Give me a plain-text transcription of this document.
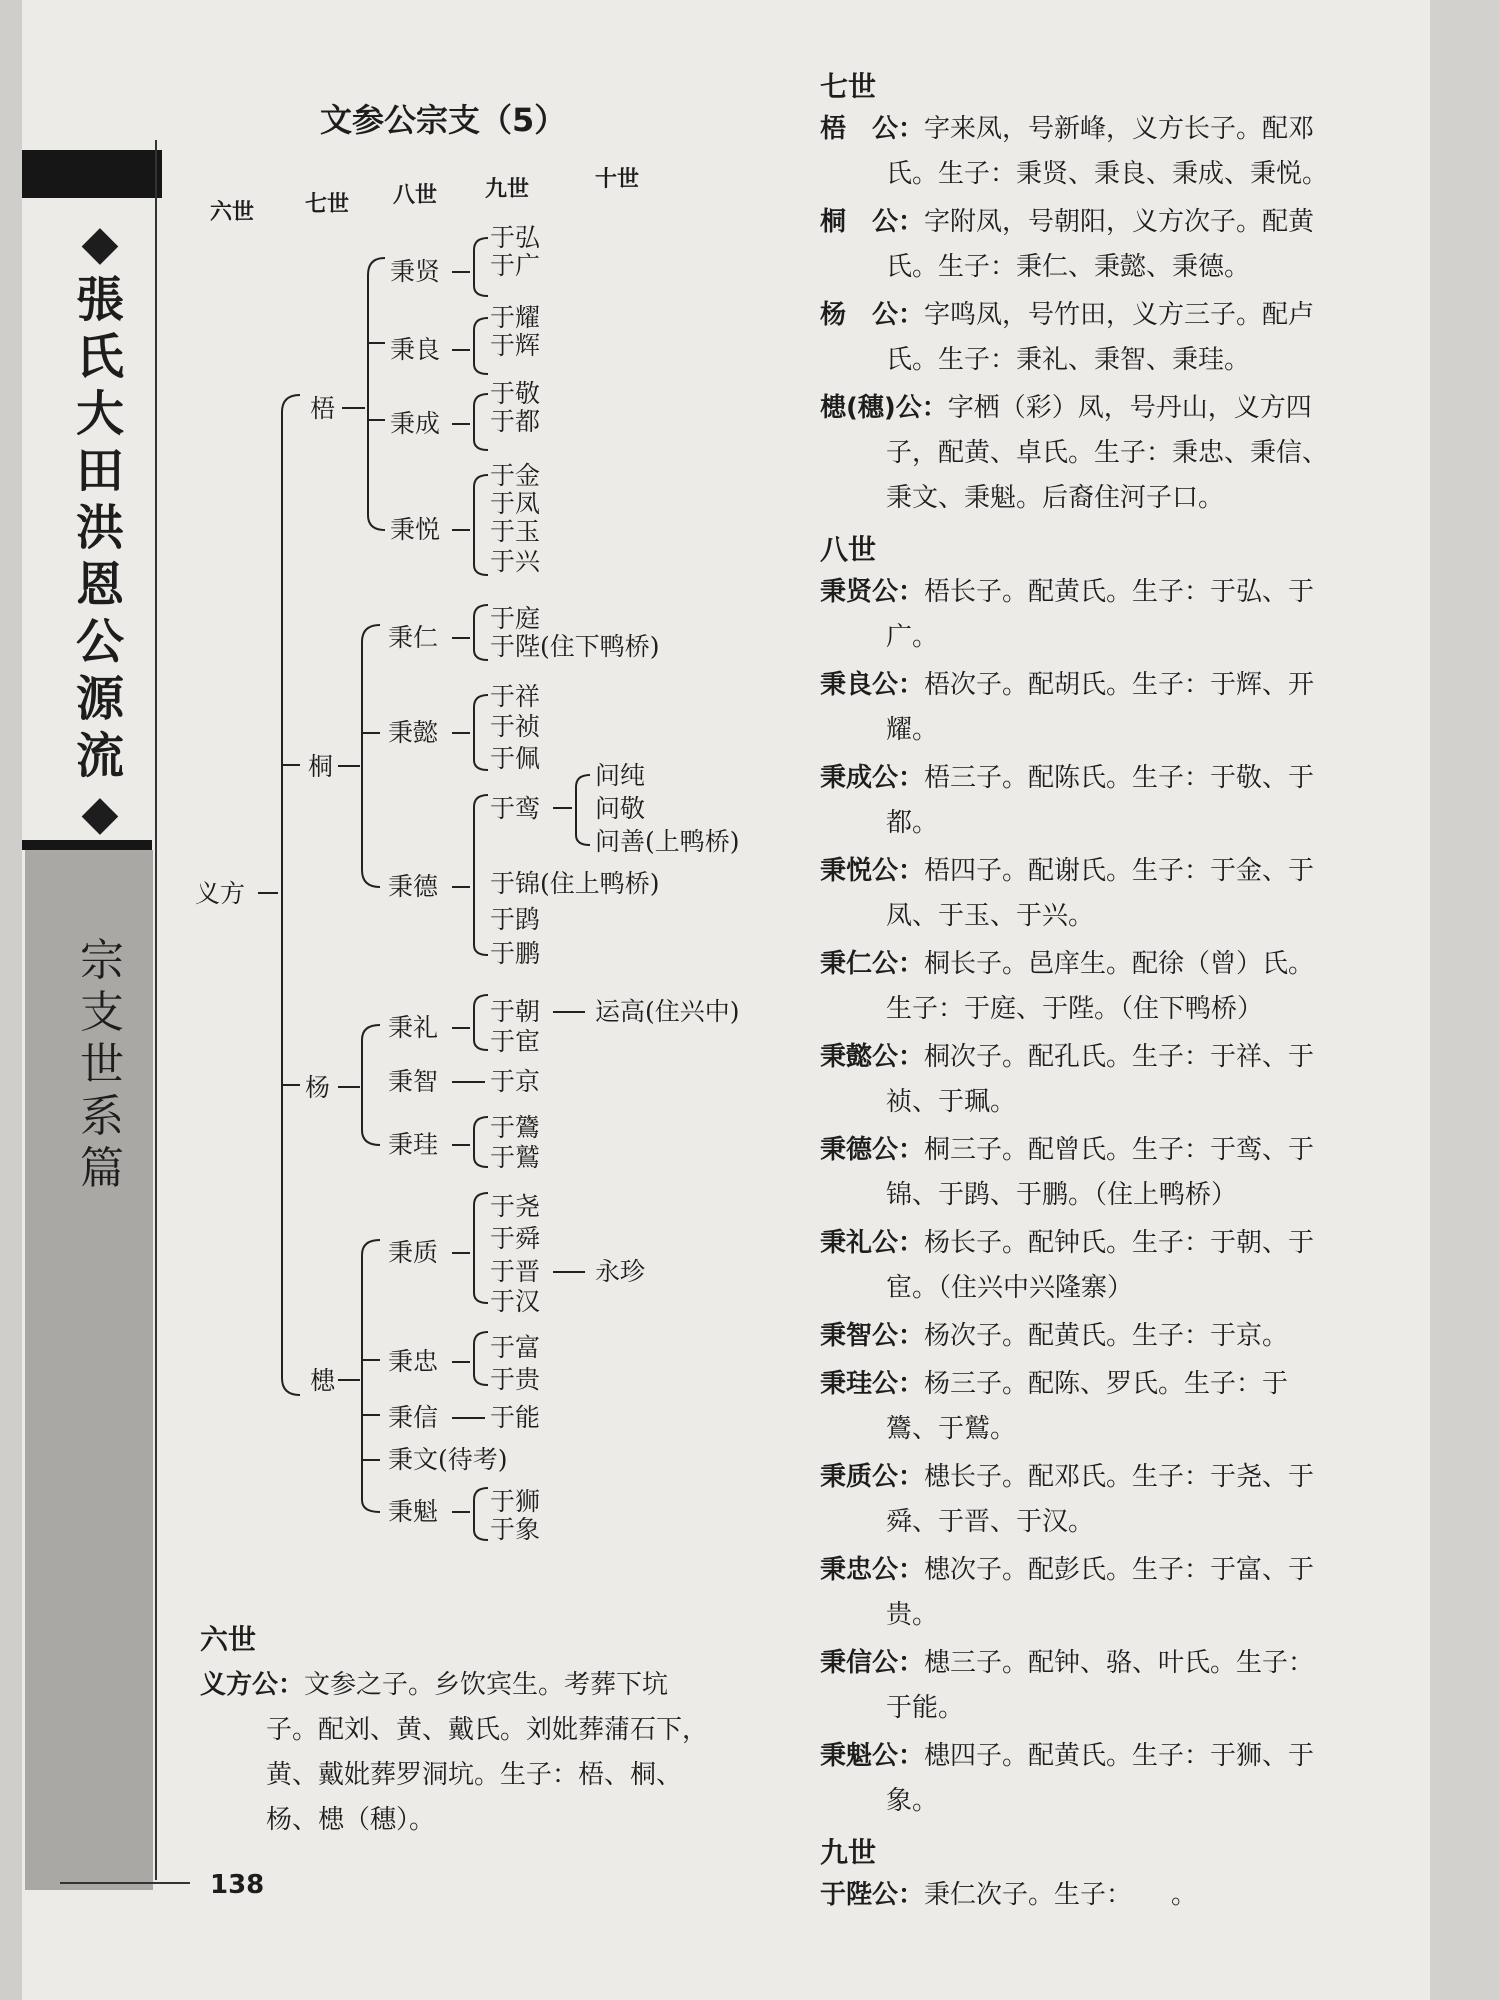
◆張氏大田洪恩公源流◆
宗支世系篇
文参公宗支（5）
六世 七世 八世 九世	十世
义方
梧
桐
杨
槵
秉贤
秉良
秉成
秉悦
秉仁
秉懿
秉德
秉礼
秉智
秉珪
秉质
秉忠
秉信
秉文(待考)
秉魁
于弘
于广
于耀
于辉
于敬
于都
于金
于凤
于玉
于兴
于庭
于陛(住下鸭桥)
于祥
于祯
于佩
于鸾
于锦(住上鸭桥)
于鹍
于鹏
于朝
于宦
于京
于鷟
于鷲
于尧
于舜
于晋
于汉
于富
于贵
于能
于狮
于象
问纯
问敬
问善(上鸭桥)
运高(住兴中)
永珍
六世
义方公：文参之子。乡饮宾生。考葬下坑
子。配刘、黄、戴氏。刘妣葬蒲石下，
黄、戴妣葬罗洞坑。生子：梧、桐、
杨、槵（穗）。
138
七世
梧　公：字来凤，号新峰，义方长子。配邓
氏。生子：秉贤、秉良、秉成、秉悦。
桐　公：字附凤，号朝阳，义方次子。配黄
氏。生子：秉仁、秉懿、秉德。
杨　公：字鸣凤，号竹田，义方三子。配卢
氏。生子：秉礼、秉智、秉珪。
槵(穗)公：字栖（彩）凤，号丹山，义方四
子，配黄、卓氏。生子：秉忠、秉信、
秉文、秉魁。后裔住河子口。
八世
秉贤公：梧长子。配黄氏。生子：于弘、于
广。
秉良公：梧次子。配胡氏。生子：于辉、开
耀。
秉成公：梧三子。配陈氏。生子：于敬、于
都。
秉悦公：梧四子。配谢氏。生子：于金、于
凤、于玉、于兴。
秉仁公：桐长子。邑庠生。配徐（曾）氏。
生子：于庭、于陛。（住下鸭桥）
秉懿公：桐次子。配孔氏。生子：于祥、于
祯、于珮。
秉德公：桐三子。配曾氏。生子：于鸾、于
锦、于鹍、于鹏。（住上鸭桥）
秉礼公：杨长子。配钟氏。生子：于朝、于
宦。（住兴中兴隆寨）
秉智公：杨次子。配黄氏。生子：于京。
秉珪公：杨三子。配陈、罗氏。生子：于
鷟、于鷲。
秉质公：槵长子。配邓氏。生子：于尧、于
舜、于晋、于汉。
秉忠公：槵次子。配彭氏。生子：于富、于
贵。
秉信公：槵三子。配钟、骆、叶氏。生子：
于能。
秉魁公：槵四子。配黄氏。生子：于狮、于
象。
九世
于陛公：秉仁次子。生子：　　。
